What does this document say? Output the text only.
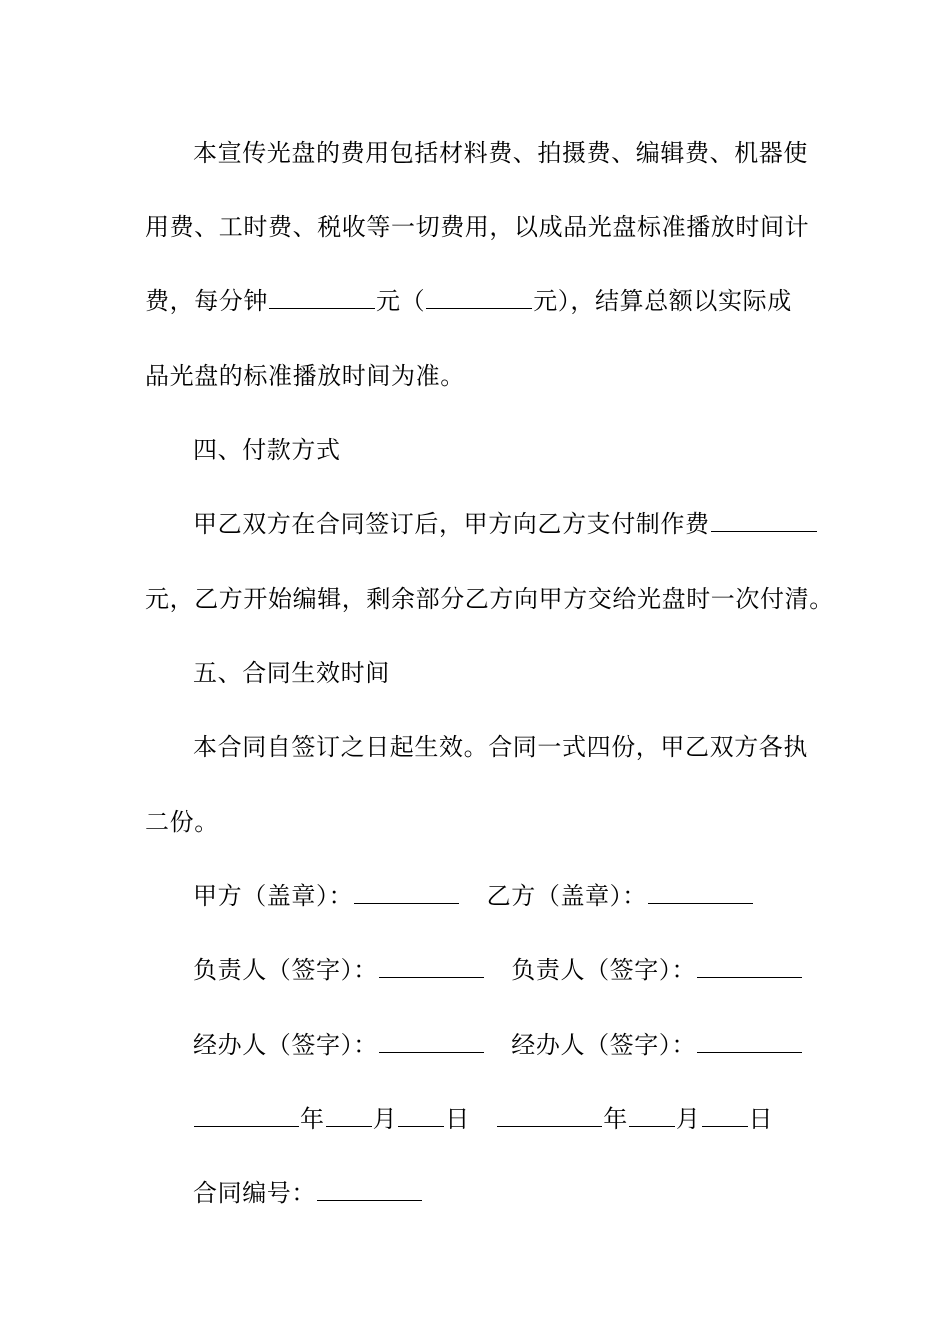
本宣传光盘的费用包括材料费、拍摄费、编辑费、机器使
用费、工时费、税收等一切费用，以成品光盘标准播放时间计
费，每分钟	元（	元），结算总额以实际成
品光盘的标准播放时间为准。
四、付款方式
甲乙双方在合同签订后，甲方向乙方支付制作费
元，乙方开始编辑，剩余部分乙方向甲方交给光盘时一次付清。
五、合同生效时间
本合同自签订之日起生效。合同一式四份，甲乙双方各执
二份。
甲方（盖章）：	乙方（盖章）：
负责人（签字）：	负责人（签字）：
经办人（签字）：	经办人（签字）：
年 月 日	年 月 日
合同编号：
